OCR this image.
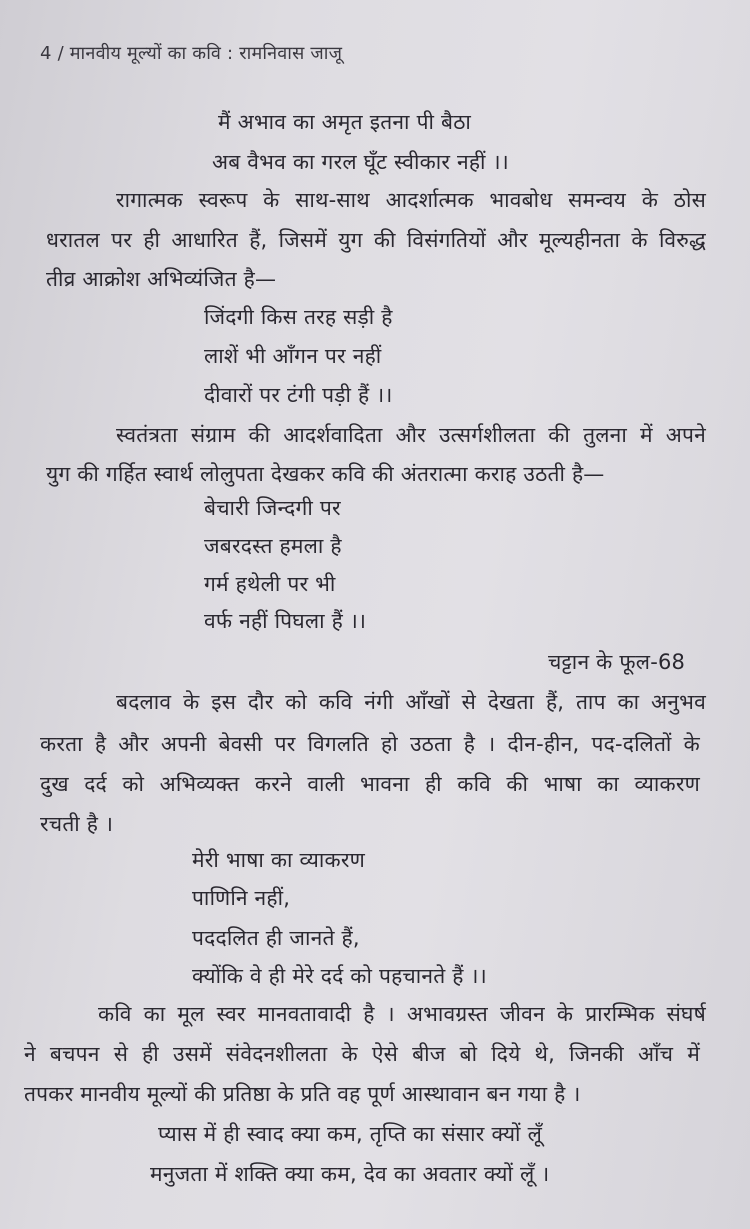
4 / मानवीय मूल्यों का कवि : रामनिवास जाजू
मैं अभाव का अमृत इतना पी बैठा
अब वैभव का गरल घूँट स्वीकार नहीं ।।
रागात्मक स्वरूप के साथ-साथ आदर्शात्मक भावबोध समन्वय के ठोस
धरातल पर ही आधारित हैं, जिसमें युग की विसंगतियों और मूल्यहीनता के विरुद्ध
तीव्र आक्रोश अभिव्यंजित है—
जिंदगी किस तरह सड़ी है
लाशें भी आँगन पर नहीं
दीवारों पर टंगी पड़ी हैं ।।
स्वतंत्रता संग्राम की आदर्शवादिता और उत्सर्गशीलता की तुलना में अपने
युग की गर्हित स्वार्थ लोलुपता देखकर कवि की अंतरात्मा कराह उठती है—
बेचारी जिन्दगी पर
जबरदस्त हमला है
गर्म हथेली पर भी
वर्फ नहीं पिघला हैं ।।
चट्टान के फूल-68
बदलाव के इस दौर को कवि नंगी आँखों से देखता हैं, ताप का अनुभव
करता है और अपनी बेवसी पर विगलति हो उठता है । दीन-हीन, पद-दलितों के
दुख दर्द को अभिव्यक्त करने वाली भावना ही कवि की भाषा का व्याकरण
रचती है ।
मेरी भाषा का व्याकरण
पाणिनि नहीं,
पददलित ही जानते हैं,
क्योंकि वे ही मेरे दर्द को पहचानते हैं ।।
कवि का मूल स्वर मानवतावादी है । अभावग्रस्त जीवन के प्रारम्भिक संघर्ष
ने बचपन से ही उसमें संवेदनशीलता के ऐसे बीज बो दिये थे, जिनकी आँच में
तपकर मानवीय मूल्यों की प्रतिष्ठा के प्रति वह पूर्ण आस्थावान बन गया है ।
प्यास में ही स्वाद क्या कम, तृप्ति का संसार क्यों लूँ
मनुजता में शक्ति क्या कम, देव का अवतार क्यों लूँ ।
